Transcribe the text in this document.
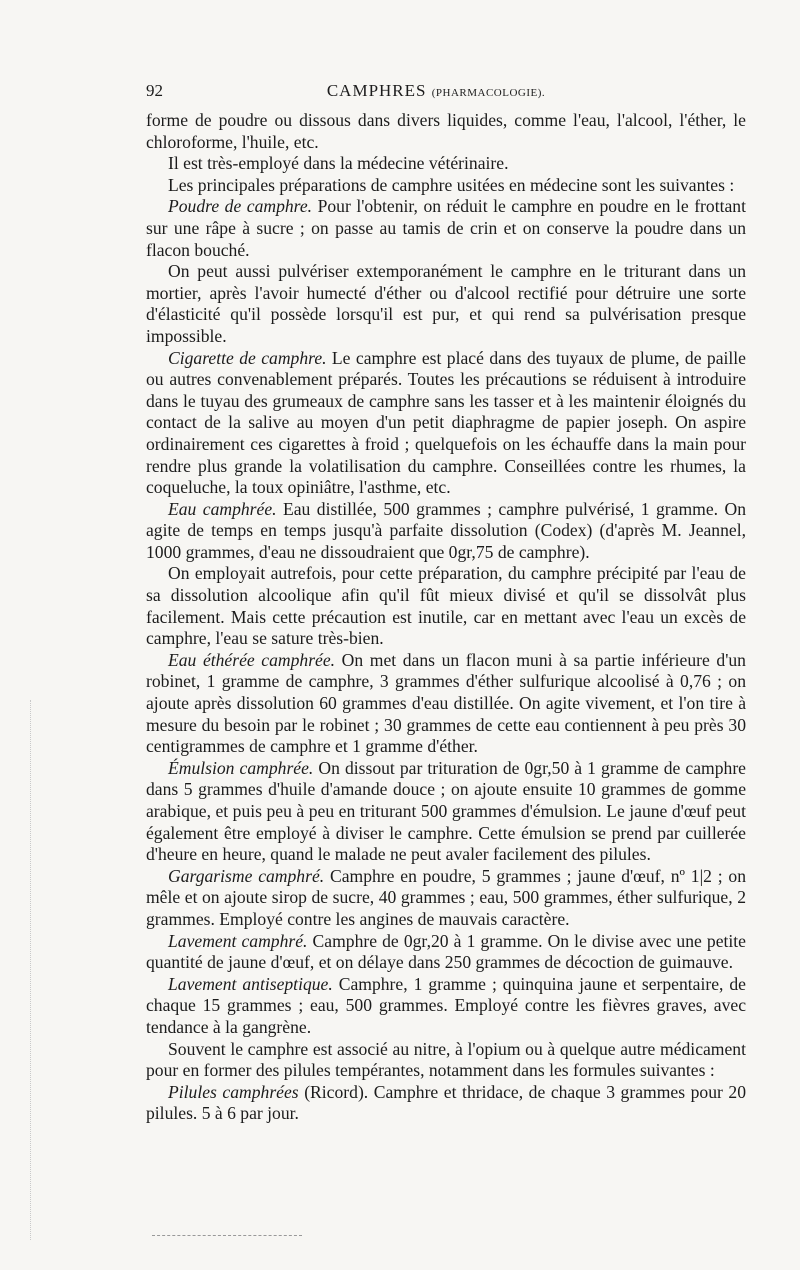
92	CAMPHRES (PHARMACOLOGIE).

forme de poudre ou dissous dans divers liquides, comme l'eau, l'alcool, l'éther, le chloroforme, l'huile, etc.

Il est très-employé dans la médecine vétérinaire.

Les principales préparations de camphre usitées en médecine sont les suivantes :

Poudre de camphre. Pour l'obtenir, on réduit le camphre en poudre en le frottant sur une râpe à sucre ; on passe au tamis de crin et on conserve la poudre dans un flacon bouché.

On peut aussi pulvériser extemporanément le camphre en le triturant dans un mortier, après l'avoir humecté d'éther ou d'alcool rectifié pour détruire une sorte d'élasticité qu'il possède lorsqu'il est pur, et qui rend sa pulvérisation presque impossible.

Cigarette de camphre. Le camphre est placé dans des tuyaux de plume, de paille ou autres convenablement préparés. Toutes les précautions se réduisent à introduire dans le tuyau des grumeaux de camphre sans les tasser et à les maintenir éloignés du contact de la salive au moyen d'un petit diaphragme de papier joseph. On aspire ordinairement ces cigarettes à froid ; quelquefois on les échauffe dans la main pour rendre plus grande la volatilisation du camphre. Conseillées contre les rhumes, la coqueluche, la toux opiniâtre, l'asthme, etc.

Eau camphrée. Eau distillée, 500 grammes ; camphre pulvérisé, 1 gramme. On agite de temps en temps jusqu'à parfaite dissolution (Codex) (d'après M. Jeannel, 1000 grammes, d'eau ne dissoudraient que 0gr,75 de camphre).

On employait autrefois, pour cette préparation, du camphre précipité par l'eau de sa dissolution alcoolique afin qu'il fût mieux divisé et qu'il se dissolvât plus facilement. Mais cette précaution est inutile, car en mettant avec l'eau un excès de camphre, l'eau se sature très-bien.

Eau éthérée camphrée. On met dans un flacon muni à sa partie inférieure d'un robinet, 1 gramme de camphre, 3 grammes d'éther sulfurique alcoolisé à 0,76 ; on ajoute après dissolution 60 grammes d'eau distillée. On agite vivement, et l'on tire à mesure du besoin par le robinet ; 30 grammes de cette eau contiennent à peu près 30 centigrammes de camphre et 1 gramme d'éther.

Émulsion camphrée. On dissout par trituration de 0gr,50 à 1 gramme de camphre dans 5 grammes d'huile d'amande douce ; on ajoute ensuite 10 grammes de gomme arabique, et puis peu à peu en triturant 500 grammes d'émulsion. Le jaune d'œuf peut également être employé à diviser le camphre. Cette émulsion se prend par cuillerée d'heure en heure, quand le malade ne peut avaler facilement des pilules.

Gargarisme camphré. Camphre en poudre, 5 grammes ; jaune d'œuf, nº 1|2 ; on mêle et on ajoute sirop de sucre, 40 grammes ; eau, 500 grammes, éther sulfurique, 2 grammes. Employé contre les angines de mauvais caractère.

Lavement camphré. Camphre de 0gr,20 à 1 gramme. On le divise avec une petite quantité de jaune d'œuf, et on délaye dans 250 grammes de décoction de guimauve.

Lavement antiseptique. Camphre, 1 gramme ; quinquina jaune et serpentaire, de chaque 15 grammes ; eau, 500 grammes. Employé contre les fièvres graves, avec tendance à la gangrène.

Souvent le camphre est associé au nitre, à l'opium ou à quelque autre médicament pour en former des pilules tempérantes, notamment dans les formules suivantes :

Pilules camphrées (Ricord). Camphre et thridace, de chaque 3 grammes pour 20 pilules. 5 à 6 par jour.
